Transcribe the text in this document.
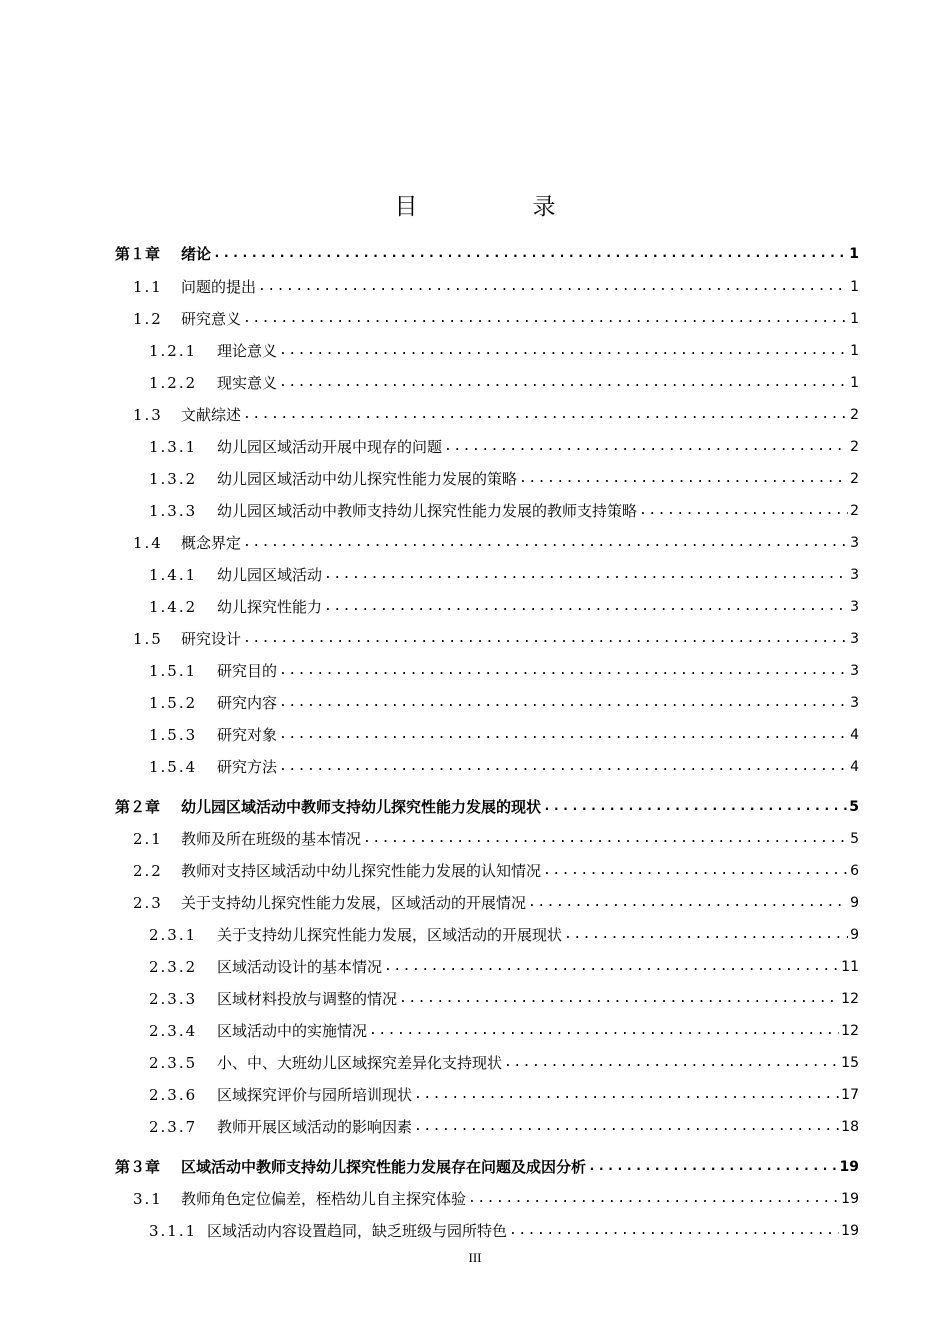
目　录
第１章	绪论 .....	1
1.1	问题的提出 .....	1
1.2	研究意义 .....	1
1.2.1	理论意义 .....	1
1.2.2	现实意义 .....	1
1.3	文献综述 .....	2
1.3.1	幼儿园区域活动开展中现存的问题 .....	2
1.3.2	幼儿园区域活动中幼儿探究性能力发展的策略 .....	2
1.3.3	幼儿园区域活动中教师支持幼儿探究性能力发展的教师支持策略 .....	2
1.4	概念界定 .....	3
1.4.1	幼儿园区域活动 .....	3
1.4.2	幼儿探究性能力 .....	3
1.5	研究设计 .....	3
1.5.1	研究目的 .....	3
1.5.2	研究内容 .....	3
1.5.3	研究对象 .....	4
1.5.4	研究方法 .....	4
第２章	幼儿园区域活动中教师支持幼儿探究性能力发展的现状 .....	5
2.1	教师及所在班级的基本情况 .....	5
2.2	教师对支持区域活动中幼儿探究性能力发展的认知情况 .....	6
2.3	关于支持幼儿探究性能力发展，区域活动的开展情况 .....	9
2.3.1	关于支持幼儿探究性能力发展，区域活动的开展现状 .....	9
2.3.2	区域活动设计的基本情况 .....	11
2.3.3	区域材料投放与调整的情况 .....	12
2.3.4	区域活动中的实施情况 .....	12
2.3.5	小、中、大班幼儿区域探究差异化支持现状 .....	15
2.3.6	区域探究评价与园所培训现状 .....	17
2.3.7	教师开展区域活动的影响因素 .....	18
第３章	区域活动中教师支持幼儿探究性能力发展存在问题及成因分析 .....	19
3.1	教师角色定位偏差，桎梏幼儿自主探究体验 .....	19
3.1.1 区域活动内容设置趋同，缺乏班级与园所特色 .....	19
III
